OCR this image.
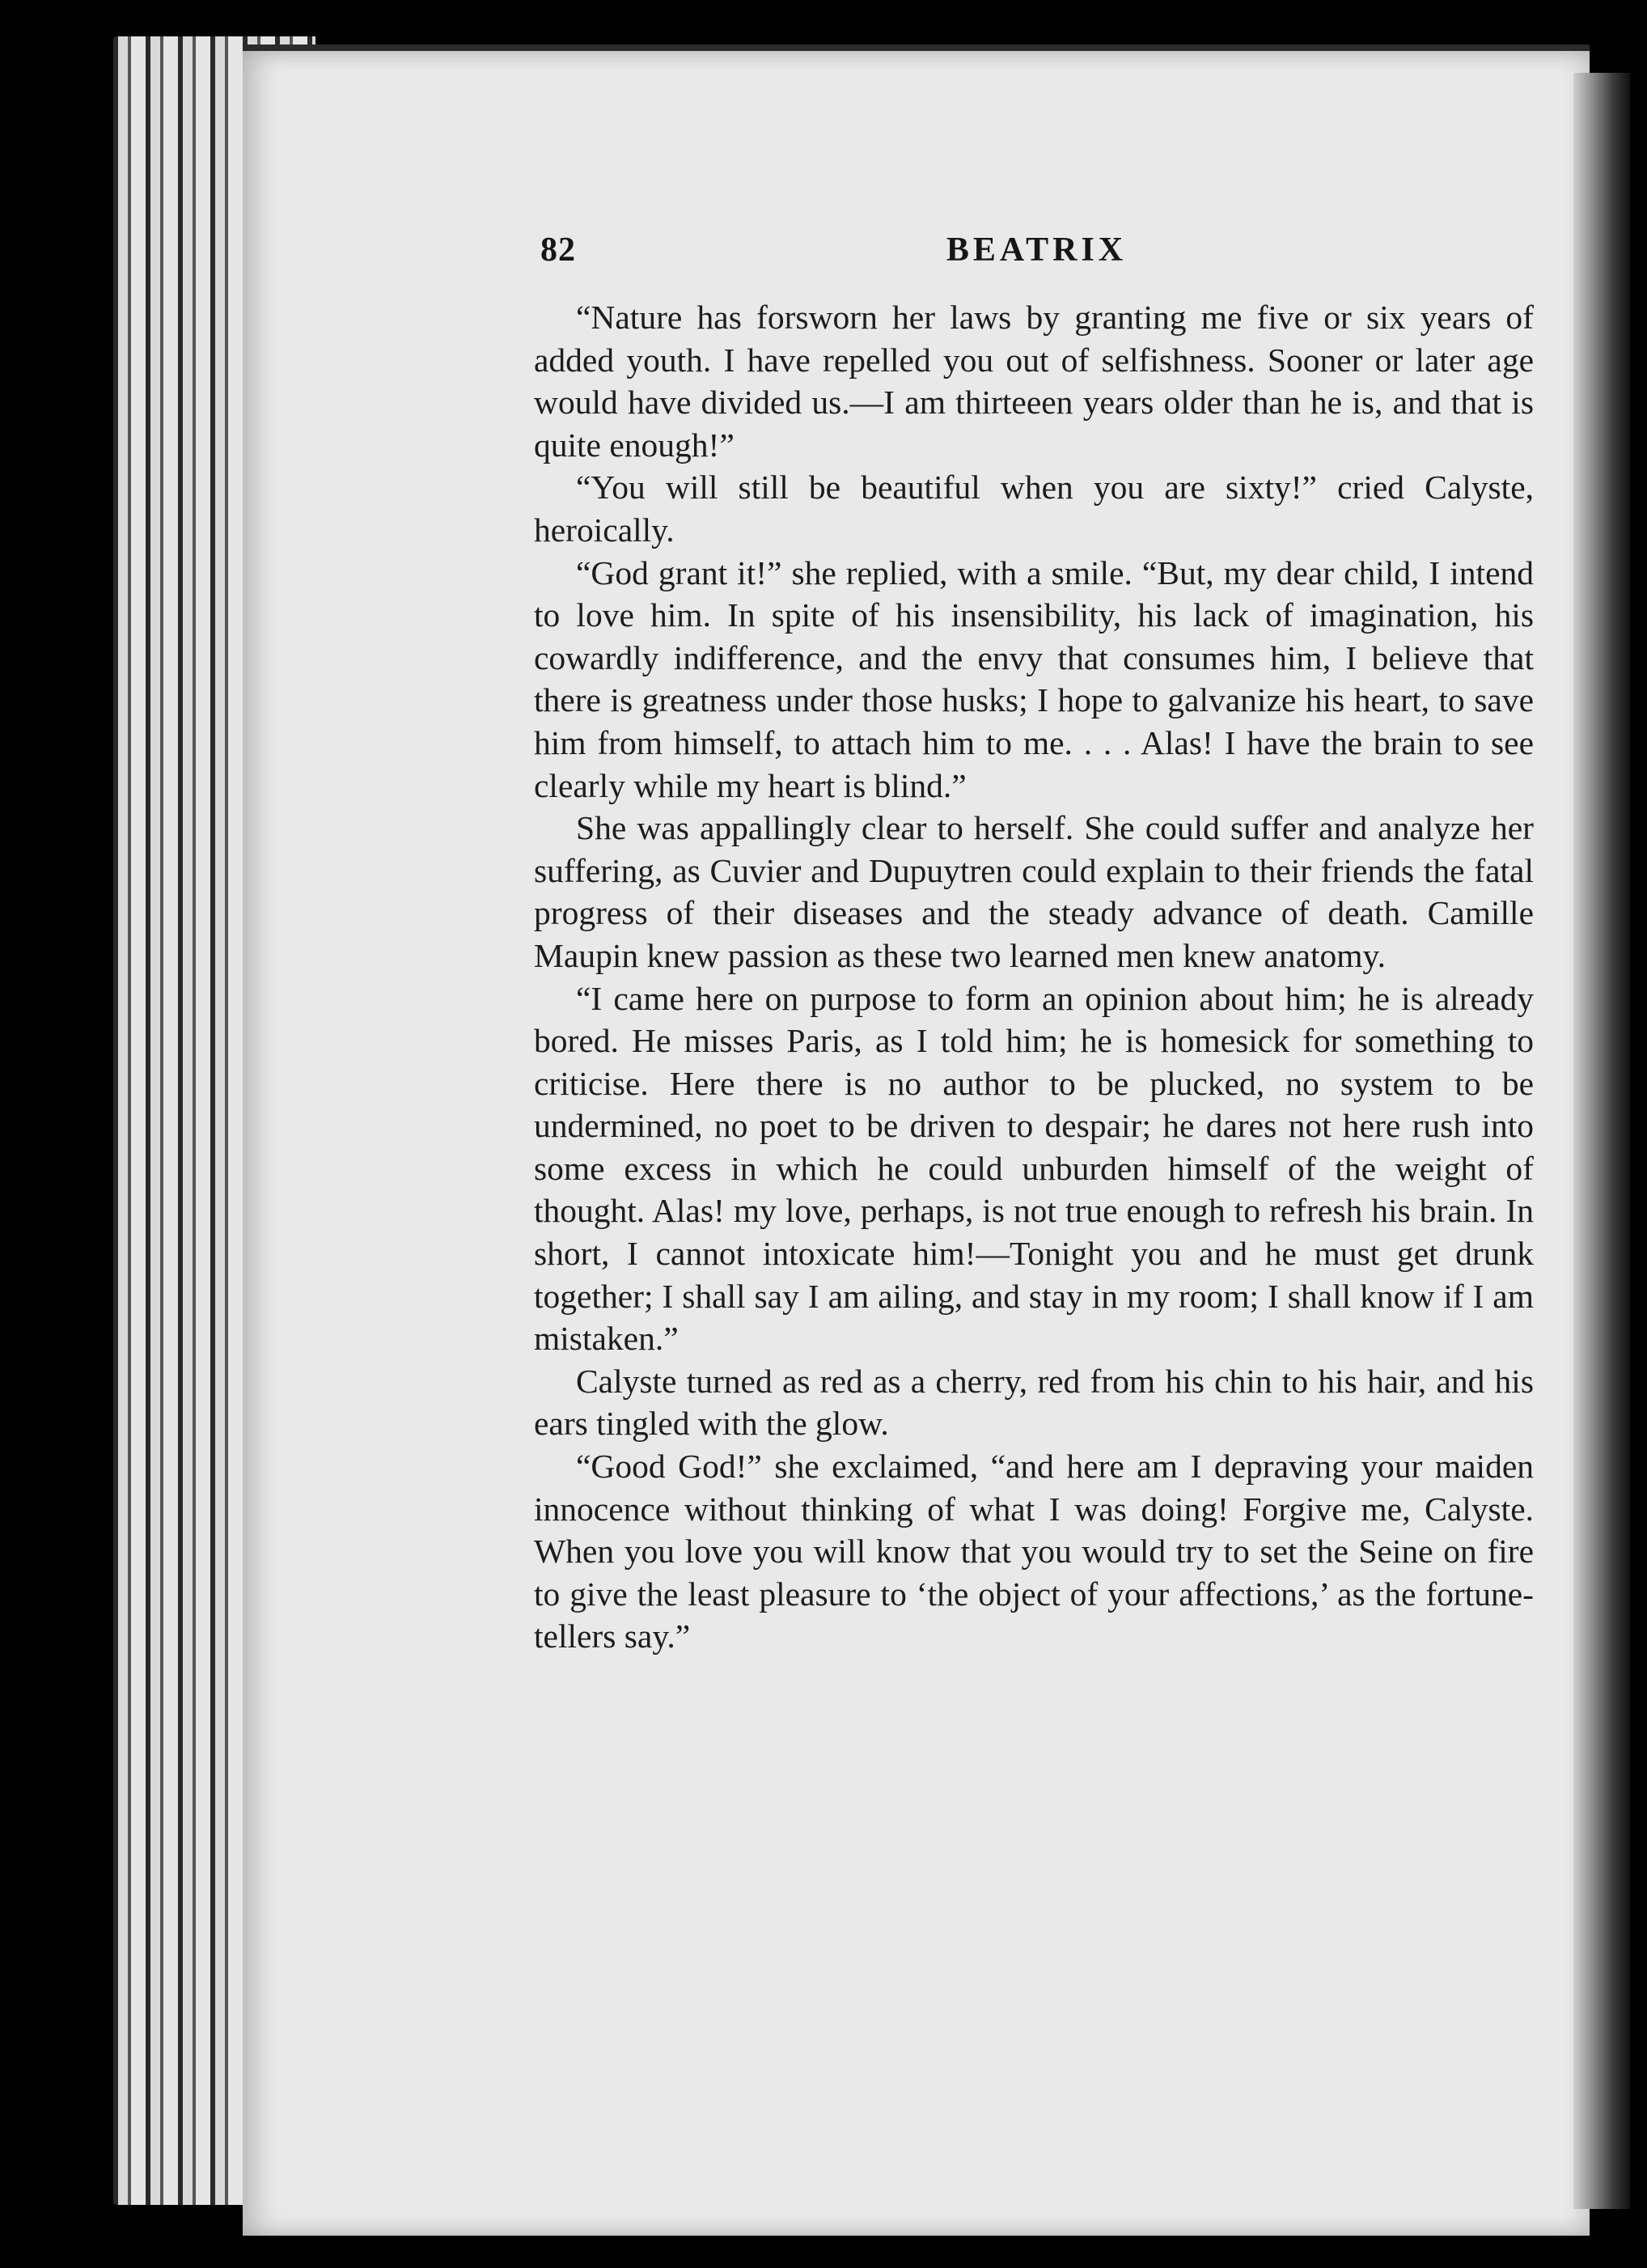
82	BEATRIX

“Nature has forsworn her laws by granting me five or six years of added youth. I have repelled you out of selfishness. Sooner or later age would have divided us.—I am thirteeen years older than he is, and that is quite enough!”

“You will still be beautiful when you are sixty!” cried Calyste, heroically.

“God grant it!” she replied, with a smile. “But, my dear child, I intend to love him. In spite of his insensibility, his lack of imagination, his cowardly indifference, and the envy that consumes him, I believe that there is greatness under those husks; I hope to galvanize his heart, to save him from himself, to attach him to me. . . . Alas! I have the brain to see clearly while my heart is blind.”

She was appallingly clear to herself. She could suffer and analyze her suffering, as Cuvier and Dupuytren could explain to their friends the fatal progress of their diseases and the steady advance of death. Camille Maupin knew passion as these two learned men knew anatomy.

“I came here on purpose to form an opinion about him; he is already bored. He misses Paris, as I told him; he is homesick for something to criticise. Here there is no author to be plucked, no system to be undermined, no poet to be driven to despair; he dares not here rush into some excess in which he could unburden himself of the weight of thought. Alas! my love, perhaps, is not true enough to refresh his brain. In short, I cannot intoxicate him!—Tonight you and he must get drunk together; I shall say I am ailing, and stay in my room; I shall know if I am mistaken.”

Calyste turned as red as a cherry, red from his chin to his hair, and his ears tingled with the glow.

“Good God!” she exclaimed, “and here am I depraving your maiden innocence without thinking of what I was doing! Forgive me, Calyste. When you love you will know that you would try to set the Seine on fire to give the least pleasure to ‘the object of your affections,’ as the fortunetellers say.”
